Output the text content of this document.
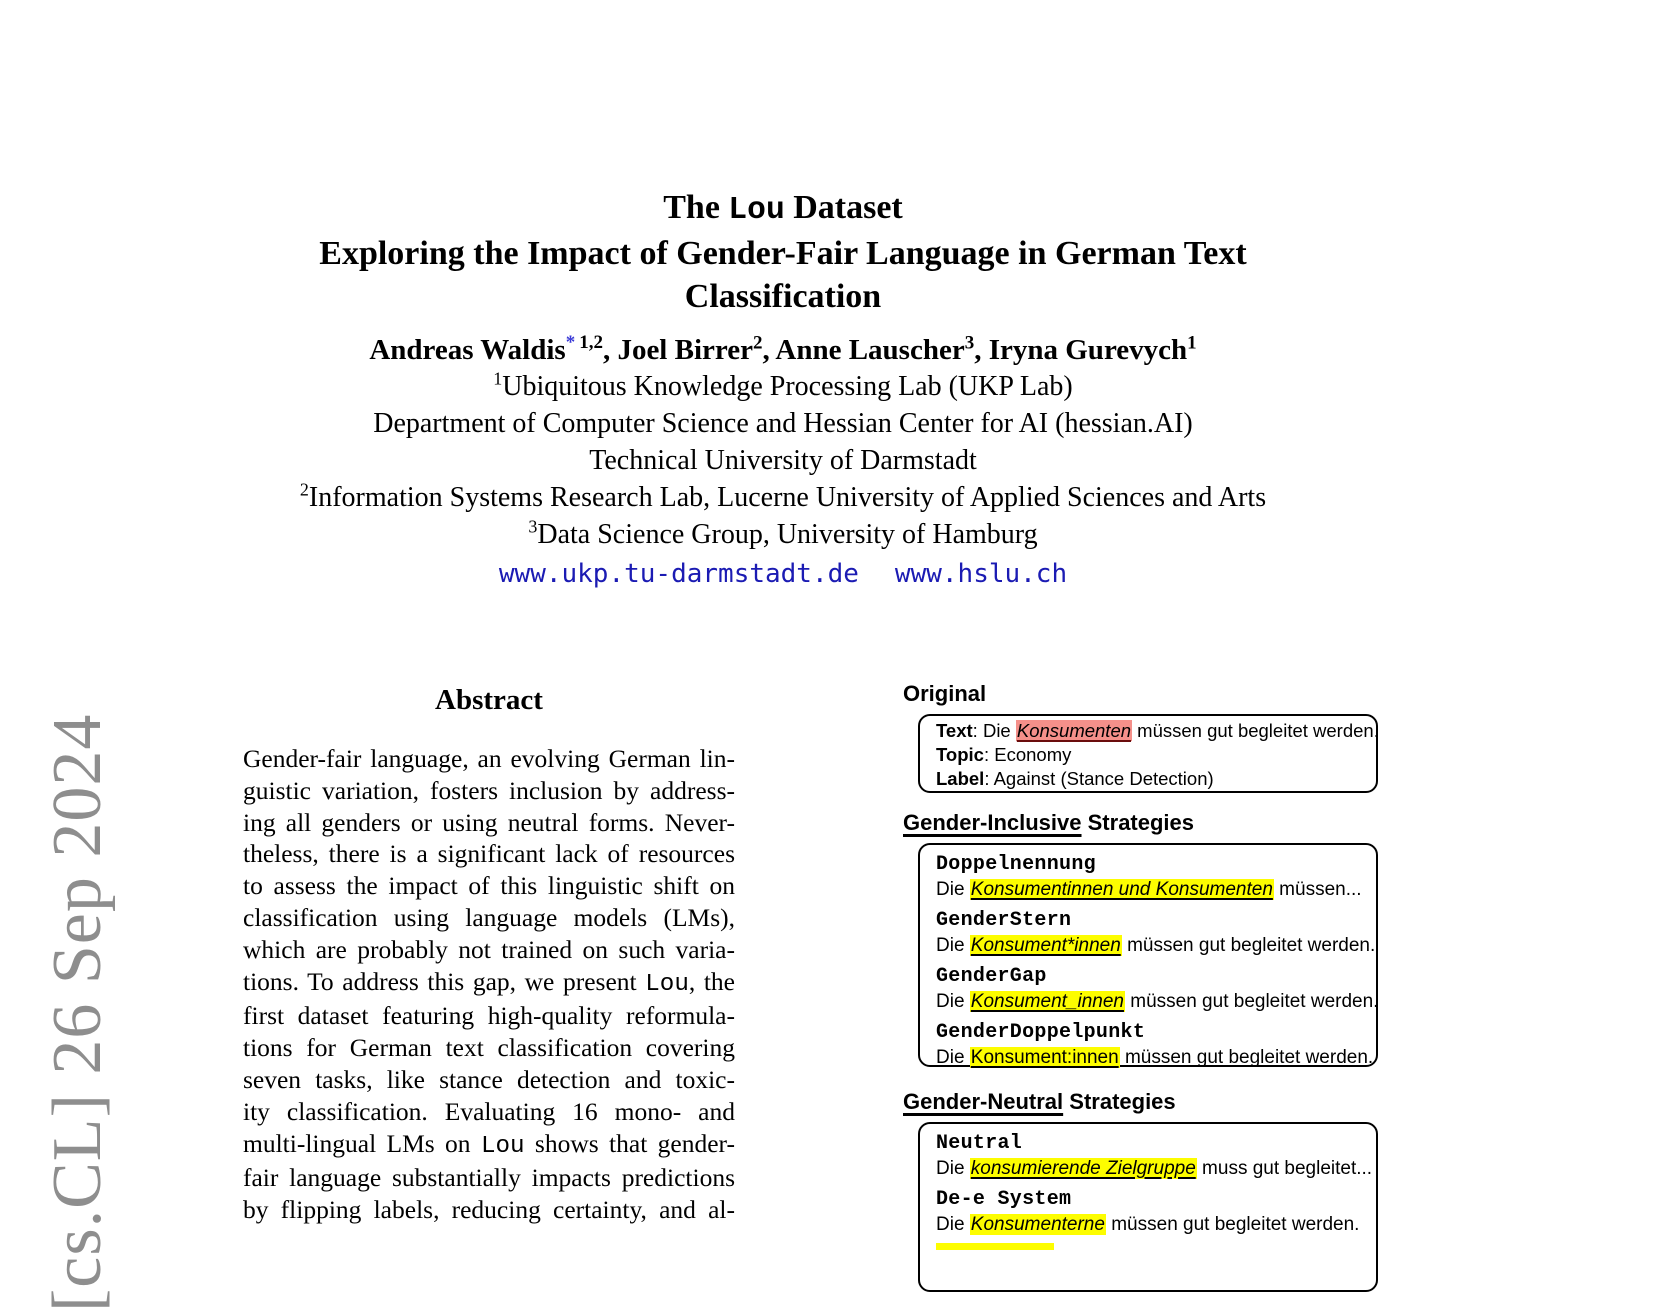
[cs.CL] 26 Sep 2024
The Lou Dataset
Exploring the Impact of Gender-Fair Language in German Text
Classification
Andreas Waldis$^{* 1,2}$, Joel Birrer$^2$, Anne Lauscher$^3$, Iryna Gurevych$^1$
$^1$Ubiquitous Knowledge Processing Lab (UKP Lab)
Department of Computer Science and Hessian Center for AI (hessian.AI)
Technical University of Darmstadt
$^2$Information Systems Research Lab, Lucerne University of Applied Sciences and Arts
$^3$Data Science Group, University of Hamburg
www.ukp.tu-darmstadt.de www.hslu.ch
Abstract

Gender-fair language, an evolving German lin-
guistic variation, fosters inclusion by address-
ing all genders or using neutral forms. Never-
theless, there is a significant lack of resources
to assess the impact of this linguistic shift on
classification using language models (LMs),
which are probably not trained on such varia-
tions. To address this gap, we present Lou, the
first dataset featuring high-quality reformula-
tions for German text classification covering
seven tasks, like stance detection and toxic-
ity classification. Evaluating 16 mono- and
multi-lingual LMs on Lou shows that gender-
fair language substantially impacts predictions
by flipping labels, reducing certainty, and al-

Original
Text: Die Konsumenten müssen gut begleitet werden.
Topic: Economy
Label: Against (Stance Detection)
Gender-Inclusive Strategies
Doppelnennung
Die Konsumentinnen und Konsumenten müssen...
GenderStern
Die Konsument*innen müssen gut begleitet werden.
GenderGap
Die Konsument_innen müssen gut begleitet werden.
GenderDoppelpunkt
Die Konsument:innen müssen gut begleitet werden.
Gender-Neutral Strategies
Neutral
Die konsumierende Zielgruppe muss gut begleitet...
De-e System
Die Konsumenterne müssen gut begleitet werden.
